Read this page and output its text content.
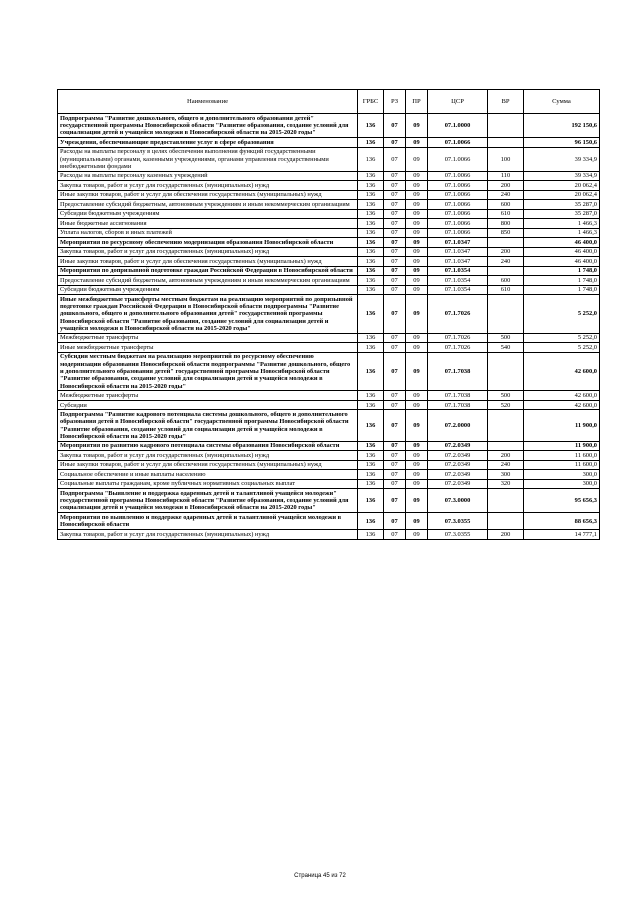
Наименование	ГРБС	РЗ	ПР	ЦСР	ВР	Сумма
Подпрограмма "Развитие дошкольного, общего и дополнительного образования детей" государственной программы Новосибирской области "Развитие образования, создание условий для социализации детей и учащейся молодежи в Новосибирской области на 2015-2020 годы"	136	07	09	07.1.0000		192 150,6
Учреждения, обеспечивающие предоставление услуг в сфере образования	136	07	09	07.1.0066		96 150,6
Расходы на выплаты персоналу в целях обеспечения выполнения функций государственными (муниципальными) органами, казенными учреждениями, органами управления государственными внебюджетными фондами	136	07	09	07.1.0066	100	39 334,9
Расходы на выплаты персоналу казенных учреждений	136	07	09	07.1.0066	110	39 334,9
Закупка товаров, работ и услуг для государственных (муниципальных) нужд	136	07	09	07.1.0066	200	20 062,4
Иные закупки товаров, работ и услуг для обеспечения государственных (муниципальных) нужд	136	07	09	07.1.0066	240	20 062,4
Предоставление субсидий бюджетным, автономным учреждениям и иным некоммерческим организациям	136	07	09	07.1.0066	600	35 287,0
Субсидии бюджетным учреждениям	136	07	09	07.1.0066	610	35 287,0
Иные бюджетные ассигнования	136	07	09	07.1.0066	800	1 466,3
Уплата налогов, сборов и иных платежей	136	07	09	07.1.0066	850	1 466,3
Мероприятия по ресурсному обеспечению модернизации образования Новосибирской области	136	07	09	07.1.0347		46 400,0
Закупка товаров, работ и услуг для государственных (муниципальных) нужд	136	07	09	07.1.0347	200	46 400,0
Иные закупки товаров, работ и услуг для обеспечения государственных (муниципальных) нужд	136	07	09	07.1.0347	240	46 400,0
Мероприятия по допризывной подготовке граждан Российской Федерации в Новосибирской области	136	07	09	07.1.0354		1 748,0
Предоставление субсидий бюджетным, автономным учреждениям и иным некоммерческим организациям	136	07	09	07.1.0354	600	1 748,0
Субсидии бюджетным учреждениям	136	07	09	07.1.0354	610	1 748,0
Иные межбюджетные трансферты местным бюджетам на реализацию мероприятий по допризывной подготовке граждан Российской Федерации в Новосибирской области подпрограммы "Развитие дошкольного, общего и дополнительного образования детей" государственной программы Новосибирской области "Развитие образования, создание условий для социализации детей и учащейся молодежи в Новосибирской области на 2015-2020 годы"	136	07	09	07.1.7026		5 252,0
Межбюджетные трансферты	136	07	09	07.1.7026	500	5 252,0
Иные межбюджетные трансферты	136	07	09	07.1.7026	540	5 252,0
Субсидии местным бюджетам на реализацию мероприятий по ресурсному обеспечению модернизации образования Новосибирской области подпрограммы "Развитие дошкольного, общего и дополнительного образования детей" государственной программы Новосибирской области "Развитие образования, создание условий для социализации детей и учащейся молодежи в Новосибирской области на 2015-2020 годы"	136	07	09	07.1.7038		42 600,0
Межбюджетные трансферты	136	07	09	07.1.7038	500	42 600,0
Субсидии	136	07	09	07.1.7038	520	42 600,0
Подпрограмма "Развитие кадрового потенциала системы дошкольного, общего и дополнительного образования детей в Новосибирской области" государственной программы Новосибирской области "Развитие образования, создание условий для социализации детей и учащейся молодежи в Новосибирской области на 2015-2020 годы"	136	07	09	07.2.0000		11 900,0
Мероприятия по развитию кадрового потенциала системы образования Новосибирской области	136	07	09	07.2.0349		11 900,0
Закупка товаров, работ и услуг для государственных (муниципальных) нужд	136	07	09	07.2.0349	200	11 600,0
Иные закупки товаров, работ и услуг для обеспечения государственных (муниципальных) нужд	136	07	09	07.2.0349	240	11 600,0
Социальное обеспечение и иные выплаты населению	136	07	09	07.2.0349	300	300,0
Социальные выплаты гражданам, кроме публичных нормативных социальных выплат	136	07	09	07.2.0349	320	300,0
Подпрограмма "Выявление и поддержка одаренных детей и талантливой учащейся молодежи" государственной программы Новосибирской области "Развитие образования, создание условий для социализации детей и учащейся молодежи в Новосибирской области на 2015-2020 годы"	136	07	09	07.3.0000		95 656,3
Мероприятия по выявлению и поддержке одаренных детей и талантливой учащейся молодежи в Новосибирской области	136	07	09	07.3.0355		88 656,3
Закупка товаров, работ и услуг для государственных (муниципальных) нужд	136	07	09	07.3.0355	200	14 777,1
Страница 45 из 72
